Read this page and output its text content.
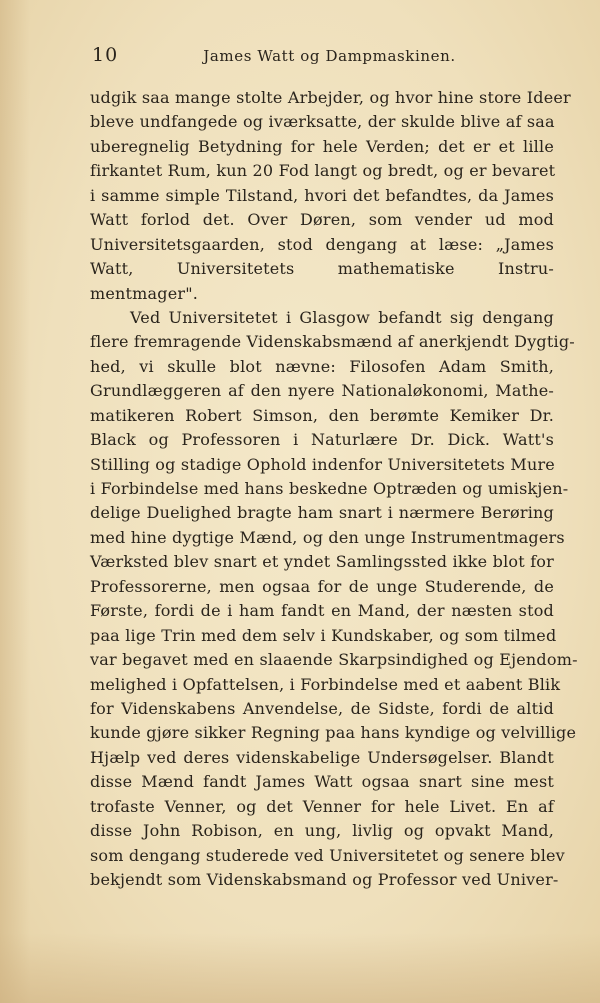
10	James Watt og Dampmaskinen.
udgik saa mange stolte Arbejder, og hvor hine store Ideer
bleve undfangede og iværksatte, der skulde blive af saa
uberegnelig Betydning for hele Verden; det er et lille
firkantet Rum, kun 20 Fod langt og bredt, og er bevaret
i samme simple Tilstand, hvori det befandtes, da James
Watt forlod det. Over Døren, som vender ud mod
Universitetsgaarden, stod dengang at læse: „James
Watt, Universitetets mathematiske Instru-
mentmager".
Ved Universitetet i Glasgow befandt sig dengang
flere fremragende Videnskabsmænd af anerkjendt Dygtig-
hed, vi skulle blot nævne: Filosofen Adam Smith,
Grundlæggeren af den nyere Nationaløkonomi, Mathe-
matikeren Robert Simson, den berømte Kemiker Dr.
Black og Professoren i Naturlære Dr. Dick. Watt's
Stilling og stadige Ophold indenfor Universitetets Mure
i Forbindelse med hans beskedne Optræden og umiskjen-
delige Duelighed bragte ham snart i nærmere Berøring
med hine dygtige Mænd, og den unge Instrumentmagers
Værksted blev snart et yndet Samlingssted ikke blot for
Professorerne, men ogsaa for de unge Studerende, de
Første, fordi de i ham fandt en Mand, der næsten stod
paa lige Trin med dem selv i Kundskaber, og som tilmed
var begavet med en slaaende Skarpsindighed og Ejendom-
melighed i Opfattelsen, i Forbindelse med et aabent Blik
for Videnskabens Anvendelse, de Sidste, fordi de altid
kunde gjøre sikker Regning paa hans kyndige og velvillige
Hjælp ved deres videnskabelige Undersøgelser. Blandt
disse Mænd fandt James Watt ogsaa snart sine mest
trofaste Venner, og det Venner for hele Livet. En af
disse John Robison, en ung, livlig og opvakt Mand,
som dengang studerede ved Universitetet og senere blev
bekjendt som Videnskabsmand og Professor ved Univer-
